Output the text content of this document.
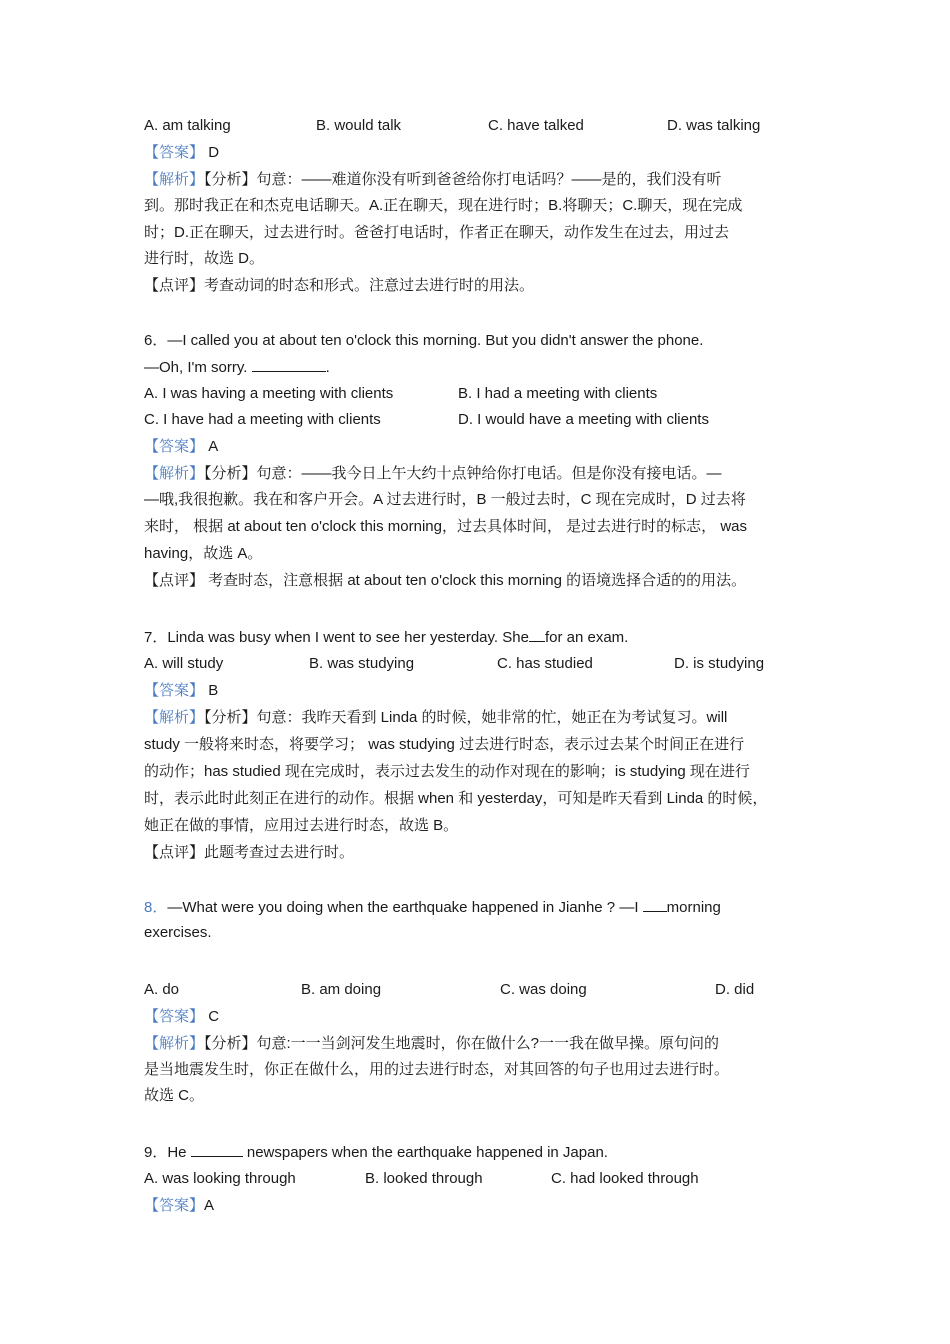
A. am talking	B. would talk	C. have talked	D. was talking
【答案】 D
【解析】【分析】句意：——难道你没有听到爸爸给你打电话吗？——是的，我们没有听
到。那时我正在和杰克电话聊天。A.正在聊天，现在进行时；B.将聊天；C.聊天，现在完成
时；D.正在聊天，过去进行时。爸爸打电话时，作者正在聊天，动作发生在过去，用过去
进行时，故选 D。
【点评】考查动词的时态和形式。注意过去进行时的用法。
6．—I called you at about ten o'clock this morning. But you didn't answer the phone.
—Oh, I'm sorry.	.
A. I was having a meeting with clients	B. I had a meeting with clients
C. I have had a meeting with clients	D. I would have a meeting with clients
【答案】 A
【解析】【分析】句意：——我今日上午大约十点钟给你打电话。但是你没有接电话。—
—哦,我很抱歉。我在和客户开会。A 过去进行时，B 一般过去时，C 现在完成时，D 过去将
来时， 根据 at about ten o'clock this morning，过去具体时间， 是过去进行时的标志， was
having，故选 A。
【点评】 考查时态，注意根据 at about ten o'clock this morning 的语境选择合适的的用法。
7．Linda was busy when I went to see her yesterday. She for an exam.
A. will study	B. was studying	C. has studied	D. is studying
【答案】 B
【解析】【分析】句意：我昨天看到 Linda 的时候，她非常的忙，她正在为考试复习。will
study 一般将来时态，将要学习； was studying 过去进行时态，表示过去某个时间正在进行
的动作；has studied 现在完成时，表示过去发生的动作对现在的影响；is studying 现在进行
时，表示此时此刻正在进行的动作。根据 when 和 yesterday，可知是昨天看到 Linda 的时候，
她正在做的事情，应用过去进行时态，故选 B。
【点评】此题考查过去进行时。
8．—What were you doing when the earthquake happened in Jianhe ? —I morning
exercises.
A. do	B. am doing	C. was doing	D. did
【答案】 C
【解析】【分析】句意:一一当剑河发生地震时，你在做什么?一一我在做早操。原句问的
是当地震发生时，你正在做什么，用的过去进行时态，对其回答的句子也用过去进行时。
故选 C。
9．He	newspapers when the earthquake happened in Japan.
A. was looking through	B. looked through	C. had looked through
【答案】A
